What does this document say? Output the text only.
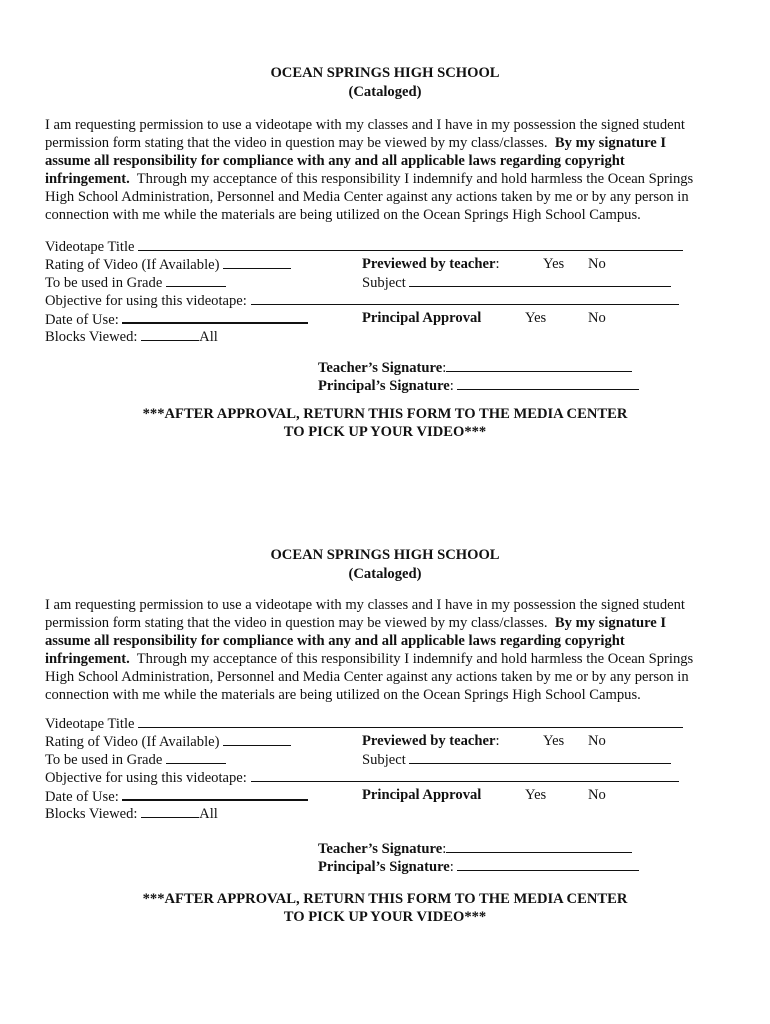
OCEAN SPRINGS HIGH SCHOOL
(Cataloged)
I am requesting permission to use a videotape with my classes and I have in my possession the signed student
permission form stating that the video in question may be viewed by my class/classes. By my signature I
assume all responsibility for compliance with any and all applicable laws regarding copyright
infringement. Through my acceptance of this responsibility I indemnify and hold harmless the Ocean Springs
High School Administration, Personnel and Media Center against any actions taken by me or by any person in
connection with me while the materials are being utilized on the Ocean Springs High School Campus.
Videotape Title
Rating of Video (If Available)	Previewed by teacher:	Yes No
To be used in Grade	Subject
Objective for using this videotape:
Date of Use:	Principal Approval	Yes	No
Blocks Viewed:	All
Teacher’s Signature:
Principal’s Signature:
***AFTER APPROVAL, RETURN THIS FORM TO THE MEDIA CENTER
TO PICK UP YOUR VIDEO***
OCEAN SPRINGS HIGH SCHOOL
(Cataloged)
I am requesting permission to use a videotape with my classes and I have in my possession the signed student
permission form stating that the video in question may be viewed by my class/classes. By my signature I
assume all responsibility for compliance with any and all applicable laws regarding copyright
infringement. Through my acceptance of this responsibility I indemnify and hold harmless the Ocean Springs
High School Administration, Personnel and Media Center against any actions taken by me or by any person in
connection with me while the materials are being utilized on the Ocean Springs High School Campus.
Videotape Title
Rating of Video (If Available)	Previewed by teacher:	Yes No
To be used in Grade	Subject
Objective for using this videotape:
Date of Use:	Principal Approval	Yes	No
Blocks Viewed:	All
Teacher’s Signature:
Principal’s Signature:
***AFTER APPROVAL, RETURN THIS FORM TO THE MEDIA CENTER
TO PICK UP YOUR VIDEO***
